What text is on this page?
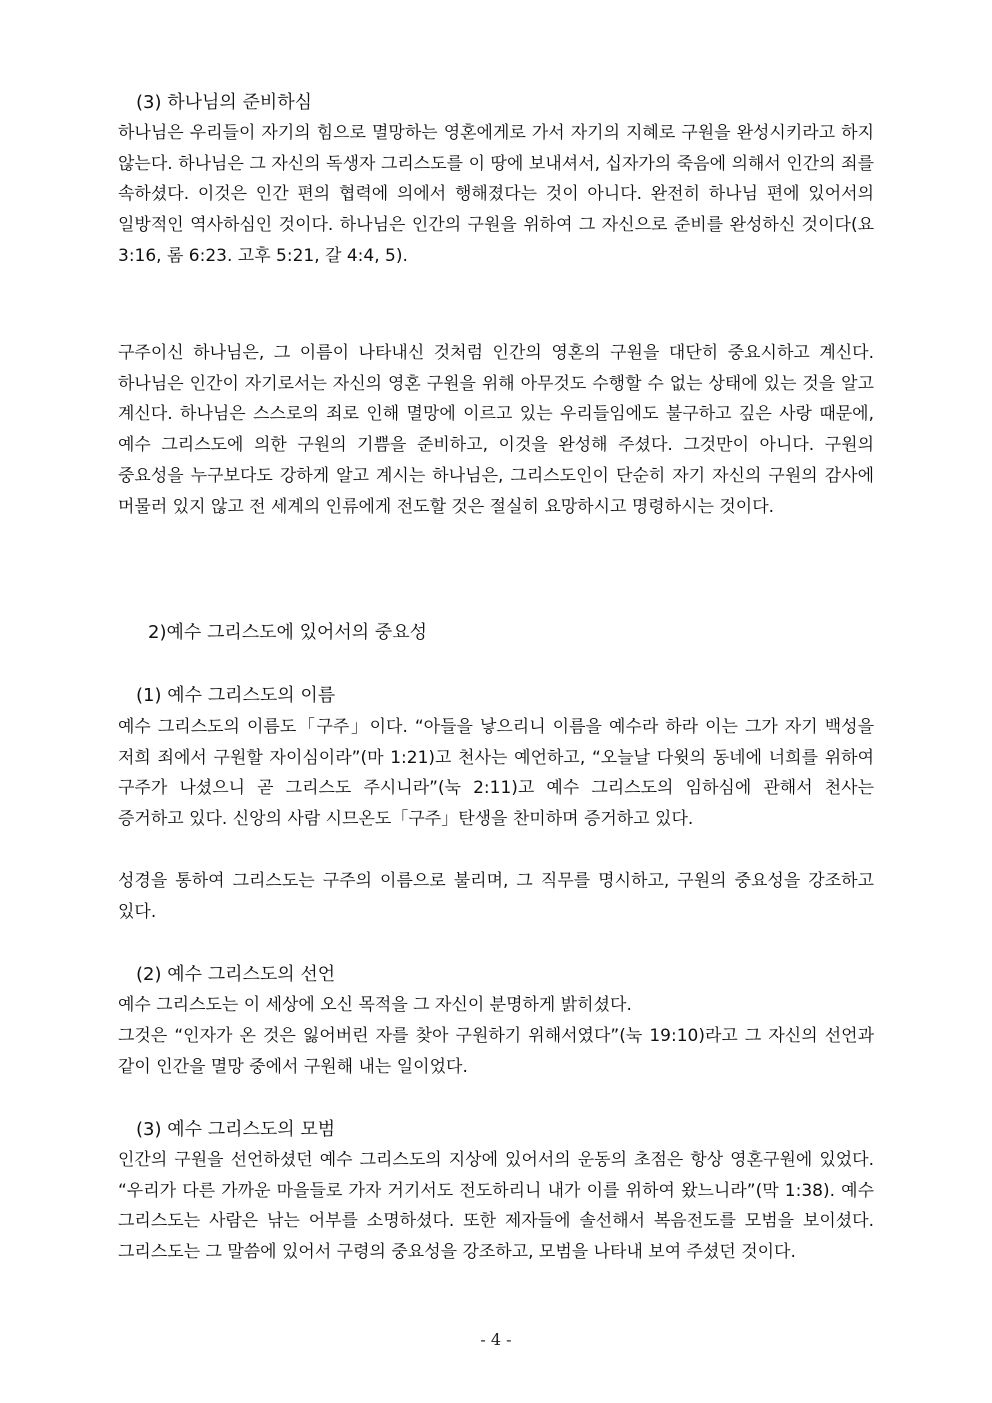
(3) 하나님의 준비하심

하나님은 우리들이 자기의 힘으로 멸망하는 영혼에게로 가서 자기의 지혜로 구원을 완성시키라고 하지 않는다. 하나님은 그 자신의 독생자 그리스도를 이 땅에 보내셔서, 십자가의 죽음에 의해서 인간의 죄를 속하셨다. 이것은 인간 편의 협력에 의에서 행해졌다는 것이 아니다. 완전히 하나님 편에 있어서의 일방적인 역사하심인 것이다. 하나님은 인간의 구원을 위하여 그 자신으로 준비를 완성하신 것이다(요 3:16, 롬 6:23. 고후 5:21, 갈 4:4, 5).

구주이신 하나님은, 그 이름이 나타내신 것처럼 인간의 영혼의 구원을 대단히 중요시하고 계신다. 하나님은 인간이 자기로서는 자신의 영혼 구원을 위해 아무것도 수행할 수 없는 상태에 있는 것을 알고 계신다. 하나님은 스스로의 죄로 인해 멸망에 이르고 있는 우리들임에도 불구하고 깊은 사랑 때문에, 예수 그리스도에 의한 구원의 기쁨을 준비하고, 이것을 완성해 주셨다. 그것만이 아니다. 구원의 중요성을 누구보다도 강하게 알고 계시는 하나님은, 그리스도인이 단순히 자기 자신의 구원의 감사에 머물러 있지 않고 전 세계의 인류에게 전도할 것은 절실히 요망하시고 명령하시는 것이다.

2)예수 그리스도에 있어서의 중요성
(1) 예수 그리스도의 이름

예수 그리스도의 이름도「구주」이다. “아들을 낳으리니 이름을 예수라 하라 이는 그가 자기 백성을 저희 죄에서 구원할 자이심이라”(마 1:21)고 천사는 예언하고, “오늘날 다윗의 동네에 너희를 위하여 구주가 나셨으니 곧 그리스도 주시니라”(눅 2:11)고 예수 그리스도의 임하심에 관해서 천사는 증거하고 있다. 신앙의 사람 시므온도「구주」탄생을 찬미하며 증거하고 있다.

성경을 통하여 그리스도는 구주의 이름으로 불리며, 그 직무를 명시하고, 구원의 중요성을 강조하고 있다.

(2) 예수 그리스도의 선언

예수 그리스도는 이 세상에 오신 목적을 그 자신이 분명하게 밝히셨다.

그것은 “인자가 온 것은 잃어버린 자를 찾아 구원하기 위해서였다”(눅 19:10)라고 그 자신의 선언과 같이 인간을 멸망 중에서 구원해 내는 일이었다.

(3) 예수 그리스도의 모범

인간의 구원을 선언하셨던 예수 그리스도의 지상에 있어서의 운동의 초점은 항상 영혼구원에 있었다. “우리가 다른 가까운 마을들로 가자 거기서도 전도하리니 내가 이를 위하여 왔느니라”(막 1:38). 예수 그리스도는 사람은 낚는 어부를 소명하셨다. 또한 제자들에 솔선해서 복음전도를 모범을 보이셨다. 그리스도는 그 말씀에 있어서 구령의 중요성을 강조하고, 모범을 나타내 보여 주셨던 것이다.

- 4 -
